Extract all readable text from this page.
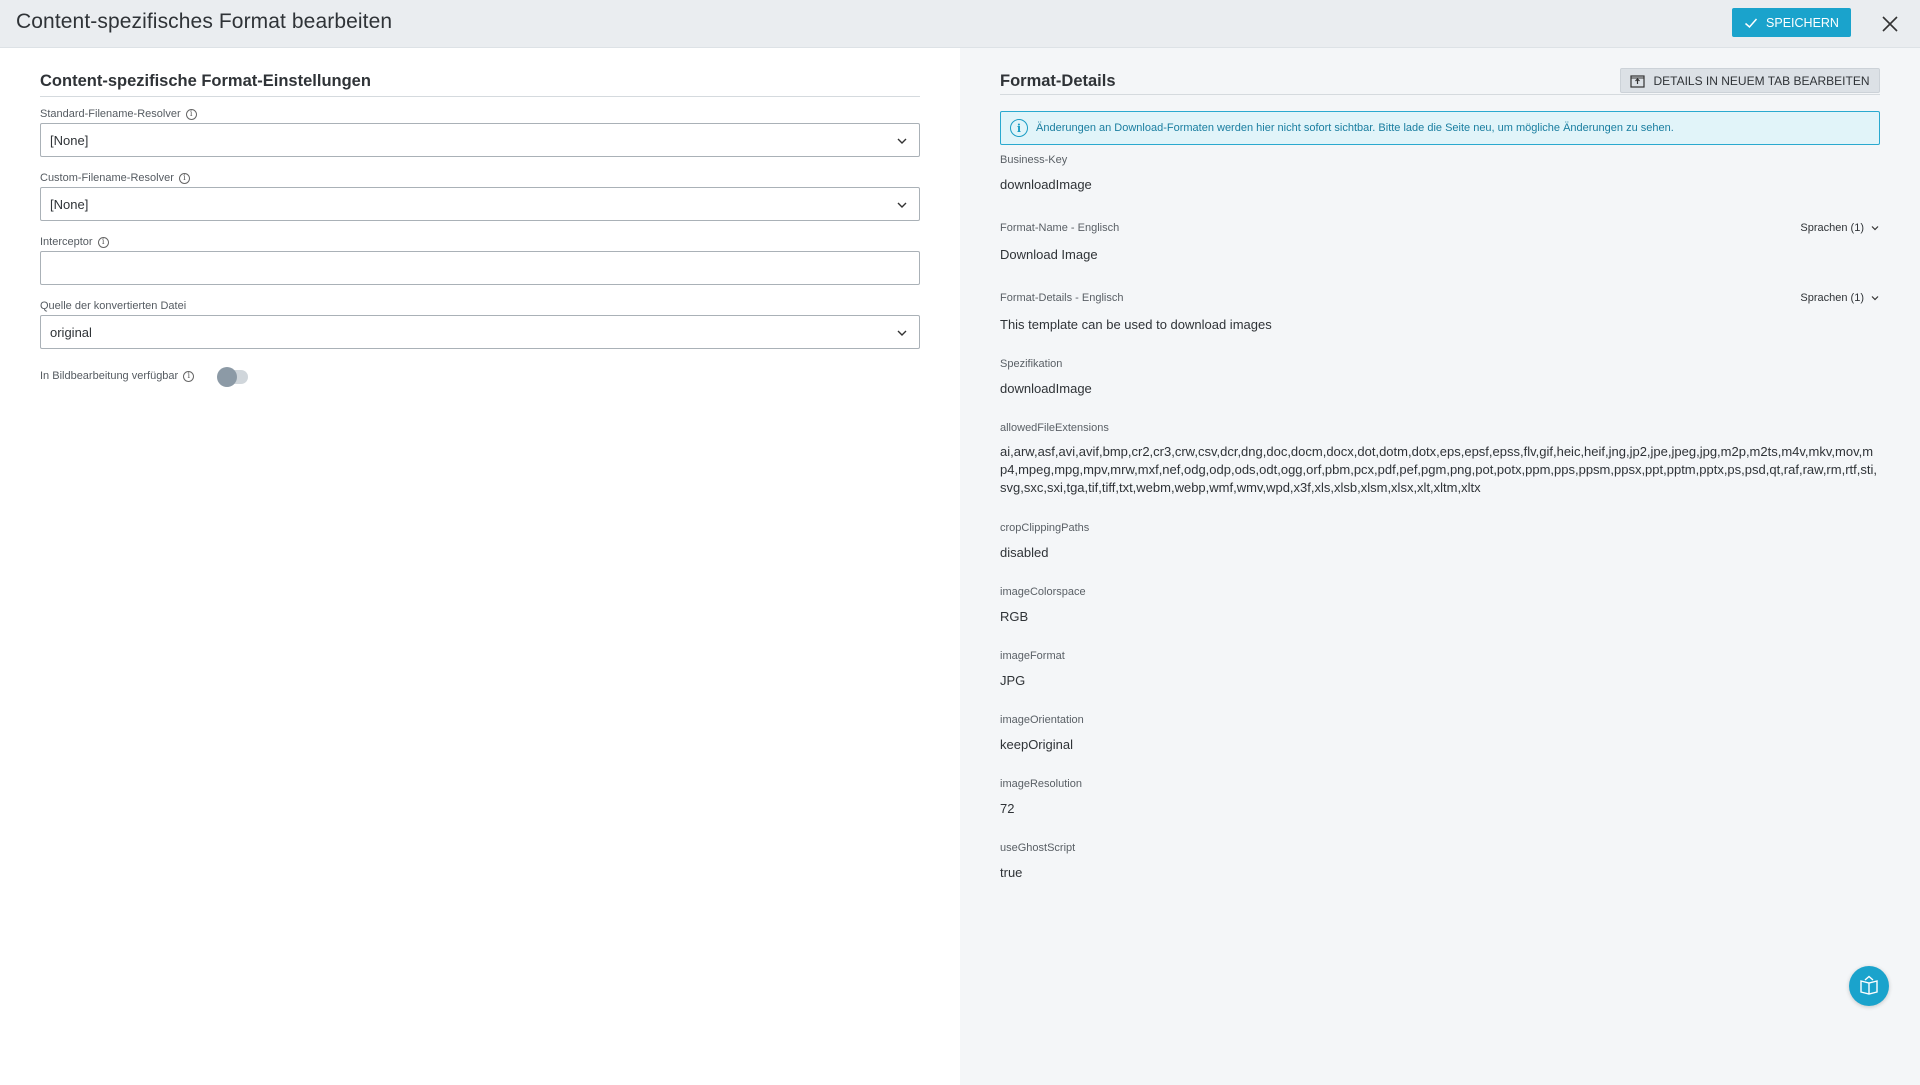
Content-spezifisches Format bearbeiten	SPEICHERN
Content-spezifische Format-Einstellungen
Standard-Filename-Resolver	i
[None]
Custom-Filename-Resolver	i
[None]
Interceptor	i
Quelle der konvertierten Datei
original
In Bildbearbeitung verfügbar	i
Format-Details	DETAILS IN NEUEM TAB BEARBEITEN
i	Änderungen an Download-Formaten werden hier nicht sofort sichtbar. Bitte lade die Seite neu, um mögliche Änderungen zu sehen.
Business-Key
downloadImage
Format-Name - Englisch	Sprachen (1)
Download Image
Format-Details - Englisch	Sprachen (1)
This template can be used to download images
Spezifikation
downloadImage
allowedFileExtensions
ai,arw,asf,avi,avif,bmp,cr2,cr3,crw,csv,dcr,dng,doc,docm,docx,dot,dotm,dotx,eps,epsf,epss,flv,gif,heic,heif,jng,jp2,jpe,jpeg,jpg,m2p,m2ts,m4v,mkv,mov,mp4,mpeg,mpg,mpv,mrw,mxf,nef,odg,odp,ods,odt,ogg,orf,pbm,pcx,pdf,pef,pgm,png,pot,potx,ppm,pps,ppsm,ppsx,ppt,pptm,pptx,ps,psd,qt,raf,raw,rm,rtf,sti,svg,sxc,sxi,tga,tif,tiff,txt,webm,webp,wmf,wmv,wpd,x3f,xls,xlsb,xlsm,xlsx,xlt,xltm,xltx
cropClippingPaths
disabled
imageColorspace
RGB
imageFormat
JPG
imageOrientation
keepOriginal
imageResolution
72
useGhostScript
true
